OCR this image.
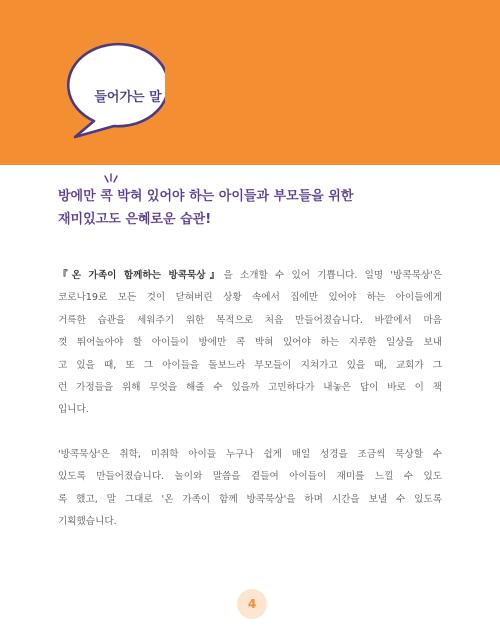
들어가는 말
방에만 콕 박혀 있어야 하는 아이들과 부모들을 위한
재미있고도 은혜로운 습관!

『온 가족이 함께하는 방콕묵상』을 소개할 수 있어 기쁩니다. 일명 '방콕묵상'은

코로나19로 모든 것이 닫혀버린 상황 속에서 집에만 있어야 하는 아이들에게

거룩한 습관을 세워주기 위한 목적으로 처음 만들어졌습니다. 바깥에서 마음

껏 뛰어놀아야 할 아이들이 방에만 콕 박혀 있어야 하는 지루한 일상을 보내

고 있을 때, 또 그 아이들을 돌보느라 부모들이 지쳐가고 있을 때, 교회가 그

런 가정들을 위해 무엇을 해줄 수 있을까 고민하다가 내놓은 답이 바로 이 책

입니다.

'방콕묵상'은 취학, 미취학 아이들 누구나 쉽게 매일 성경을 조금씩 묵상할 수

있도록 만들어졌습니다. 놀이와 말씀을 곁들여 아이들이 재미를 느낄 수 있도

록 했고, 말 그대로 '온 가족이 함께 방콕묵상'을 하며 시간을 보낼 수 있도록

기획했습니다.

4
